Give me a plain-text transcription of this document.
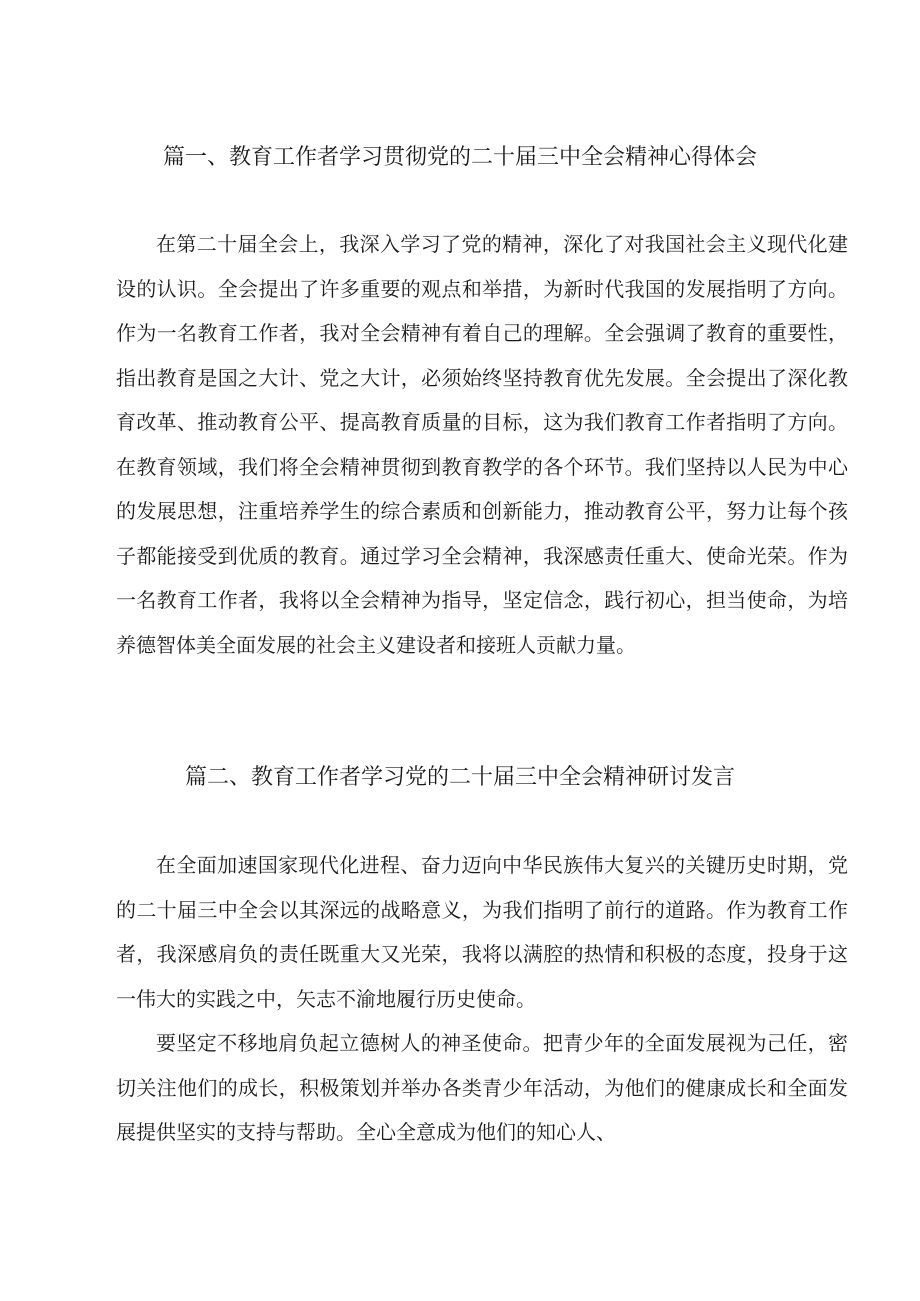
篇一、教育工作者学习贯彻党的二十届三中全会精神心得体会

在第二十届全会上，我深入学习了党的精神，深化了对我国社会主义现代化建设的认识。全会提出了许多重要的观点和举措，为新时代我国的发展指明了方向。作为一名教育工作者，我对全会精神有着自己的理解。全会强调了教育的重要性，指出教育是国之大计、党之大计，必须始终坚持教育优先发展。全会提出了深化教育改革、推动教育公平、提高教育质量的目标，这为我们教育工作者指明了方向。在教育领域，我们将全会精神贯彻到教育教学的各个环节。我们坚持以人民为中心的发展思想，注重培养学生的综合素质和创新能力，推动教育公平，努力让每个孩子都能接受到优质的教育。通过学习全会精神，我深感责任重大、使命光荣。作为一名教育工作者，我将以全会精神为指导，坚定信念，践行初心，担当使命，为培养德智体美全面发展的社会主义建设者和接班人贡献力量。

篇二、教育工作者学习党的二十届三中全会精神研讨发言

在全面加速国家现代化进程、奋力迈向中华民族伟大复兴的关键历史时期，党的二十届三中全会以其深远的战略意义，为我们指明了前行的道路。作为教育工作者，我深感肩负的责任既重大又光荣，我将以满腔的热情和积极的态度，投身于这一伟大的实践之中，矢志不渝地履行历史使命。

要坚定不移地肩负起立德树人的神圣使命。把青少年的全面发展视为己任，密切关注他们的成长，积极策划并举办各类青少年活动，为他们的健康成长和全面发展提供坚实的支持与帮助。全心全意成为他们的知心人、
